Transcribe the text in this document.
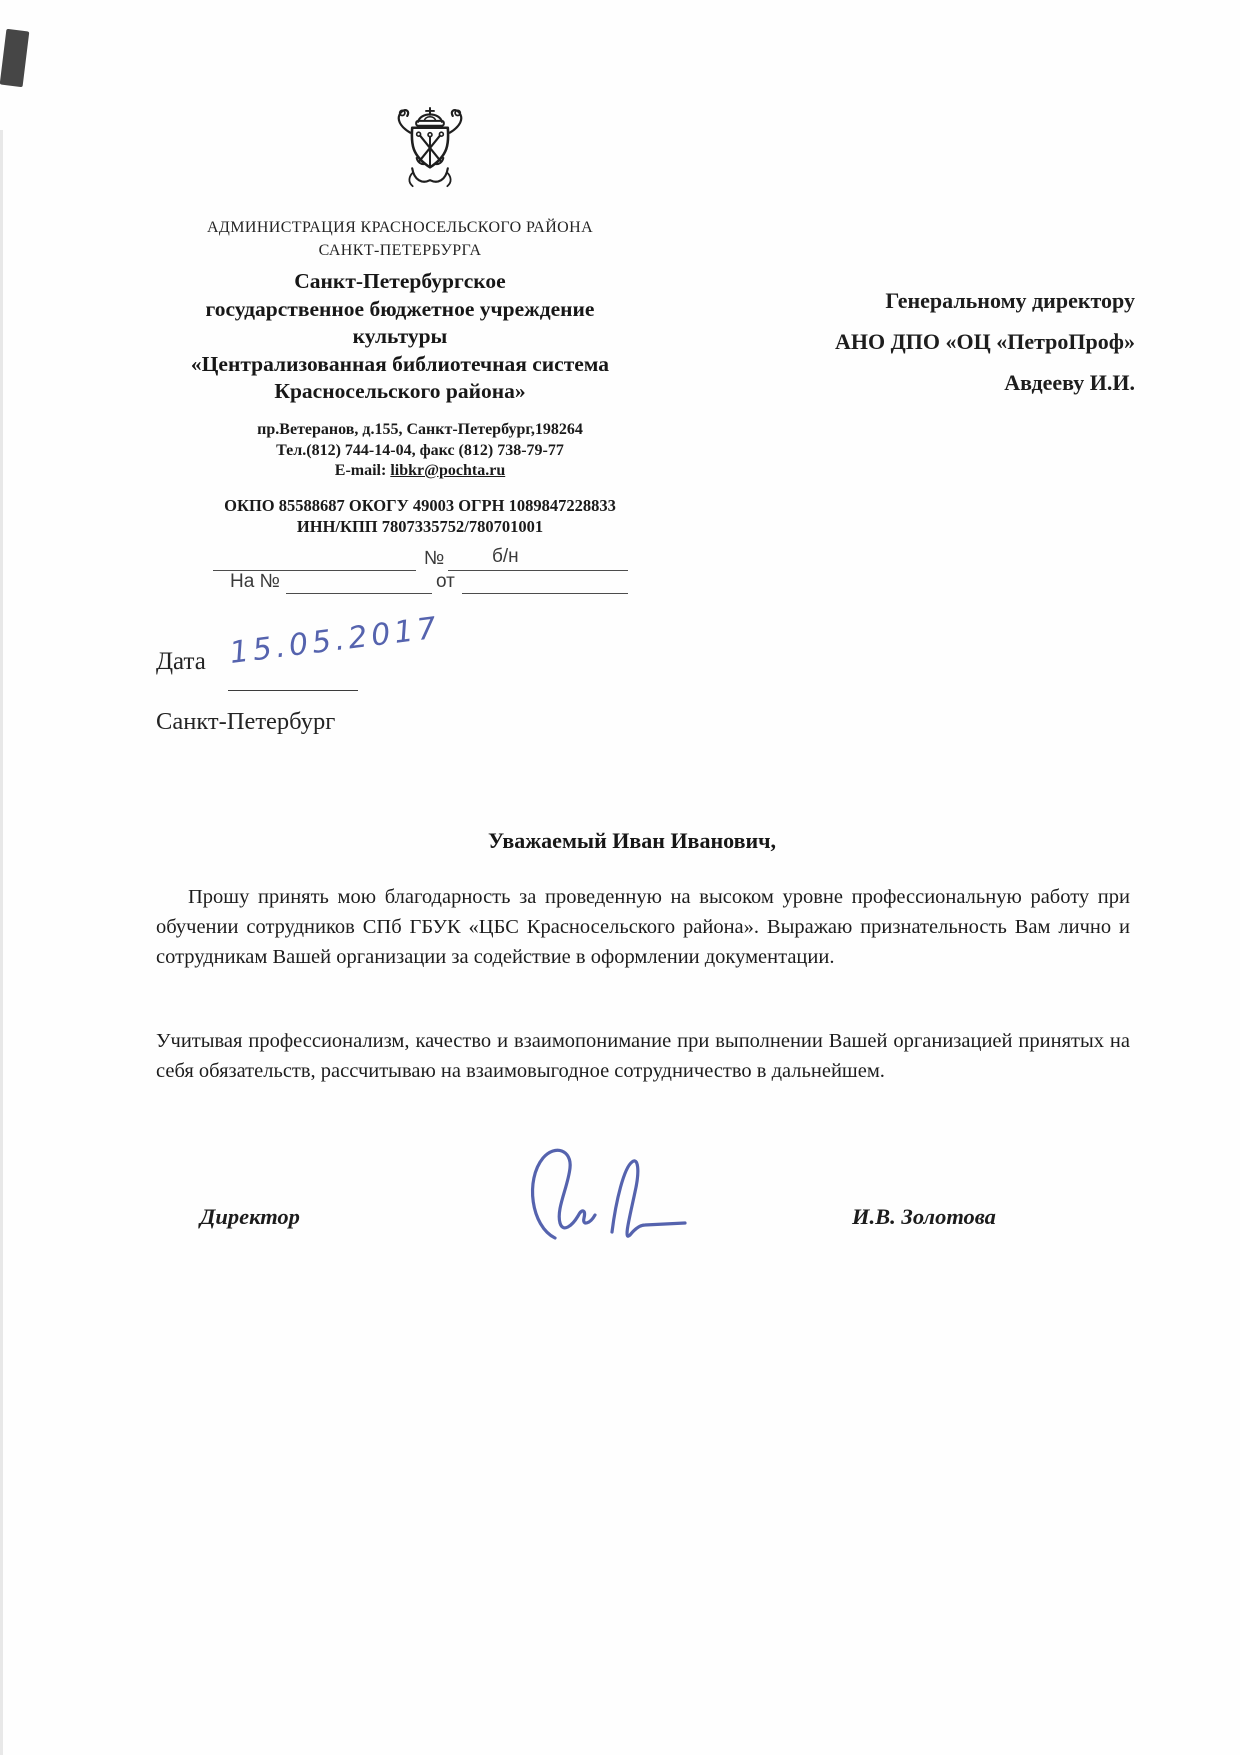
АДМИНИСТРАЦИЯ КРАСНОСЕЛЬСКОГО РАЙОНА
САНКТ-ПЕТЕРБУРГА
Санкт-Петербургское
государственное бюджетное учреждение
культуры
«Централизованная библиотечная система
Красносельского района»
пр.Ветеранов, д.155, Санкт-Петербург,198264
Тел.(812) 744-14-04, факс (812) 738-79-77
E-mail: libkr@pochta.ru
ОКПО 85588687 ОКОГУ 49003 ОГРН 1089847228833
ИНН/КПП 7807335752/780701001
Генеральному директору
АНО ДПО «ОЦ «ПетроПроф»
Авдееву И.И.
№	б/н
На №	от
Дата 15.05.2017
Санкт-Петербург
Уважаемый Иван Иванович,
Прошу принять мою благодарность за проведенную на высоком уровне профессиональную работу при обучении сотрудников СПб ГБУК «ЦБС Красносельского района». Выражаю признательность Вам лично и сотрудникам Вашей организации за содействие в оформлении документации.
Учитывая профессионализм, качество и взаимопонимание при выполнении Вашей организацией принятых на себя обязательств, рассчитываю на взаимовыгодное сотрудничество в дальнейшем.
Директор	И.В. Золотова
